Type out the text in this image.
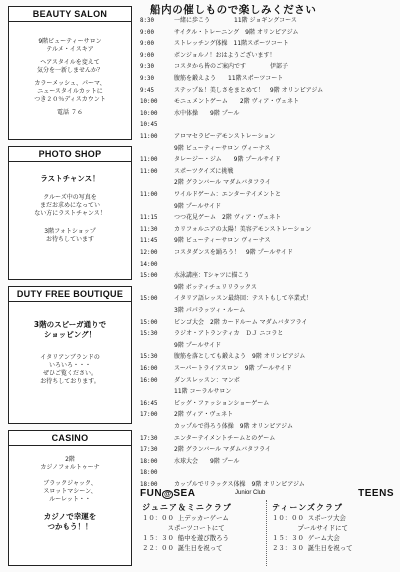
BEAUTY SALON

9階ビューティーサロン
テルメ・イスキア

ヘアスタイルを変えて
気分を一新しませんか？

カラーメッシュ、パーマ、
ニュースタイルカットに
つき２０％ディスカウント

電話 ７６

PHOTO SHOP

ラストチャンス！

クルーズ中の写真を
まだお求めになってい
ない方にラストチャンス！

3階フォトショップ
お待ちしています

DUTY FREE BOUTIQUE

3階のスピーガ通りで
ショッピング！

イタリアンブランドの
いろいろ・・・
ぜひご覧ください。
お待ちしております。

CASINO

2階
カジノフォルトゥーナ

ブラックジャック、
スロットマシーン、
ルーレット・・

カジノで幸運を
つかもう！！

船内の催しもので楽しみください
8:30	一緒に歩こう　　　　11階 ジョギングコース
9:00	サイクル・トレーニング　9階 オリンピアジム
9:00	ストレッチング体操　11階スポーツコート
9:00	ボンジョルノ！おはようございます！
9:30	コスタから皆のご案内です　　　　伊部子
9:30	腹筋を鍛えよう　　11階スポーツコート
9:45	ステップ＆！美しさをまとめて！　9階 オリンピアジム
10:00	モニュメントゲーム　　2階 ヴィア・ヴェネト
10:00	水中体操　　9階 プール
10:45
11:00	アロマセラピーデモンストレーション
9階 ビューティーサロン ヴィーナス
11:00	タレージー・ジム　　9階 プールサイド
11:00	スポーツクイズに挑戦
2階 グランバール マダムバタフライ
11:00	ワイルドゲーム：エンターテイメントと
9階 プールサイド
11:15	つつ花見ゲーム　2階 ヴィア・ヴェネト
11:30	カリフォルニアの太陽！美容デモンストレーション
11:45	9階 ビューティーサロン ヴィーナス
12:00	コスタダンスを踊ろう！　9階 プールサイド
14:00
15:00	水泳講座：Tシャツに描こう
9階 ボッティチェリリラックス
15:00	イタリア語レッスン最終回：テストもして卒業式！
3階 パパラッツィ・ルーム
15:00	ビンゴ大会　2階 カードルーム マダムバタフライ
15:30	ラジオ・アトランティカ　ＤＪ ニコラと
9階 プールサイド
15:30	腹筋を落としても鍛えよう　9階 オリンピアジム
16:00	スーパートライアスロン　9階 プールサイド
16:00	ダンスレッスン：マンボ
11階 コーラルサロン
16:45	ビッグ・ファッションショーゲーム
17:00	2階 ヴィア・ヴェネト
カップルで得ろう体操　9階 オリンピアジム
17:30	エンターテイメントチームとのゲーム
17:30	2階 グランバール マダムバタフライ
18:00	水球大会　　9階 プール
18:00
18:00	カップルでリラックス体操　9階 オリンピアジム
FUN @ SEA	Junior Club	TEENS
ジュニア＆ミニクラブ
１０：００ 上デッカーゲーム
　　　　スポーツコートにて
１５：３０ 船中を遊び散ろう
２２：００ 誕生日を祝って
ティーンズクラブ
１０：００ スポーツ大会
　　　　プールサイドにて
１５：３０ ゲーム大会
２３：３０ 誕生日を祝って
